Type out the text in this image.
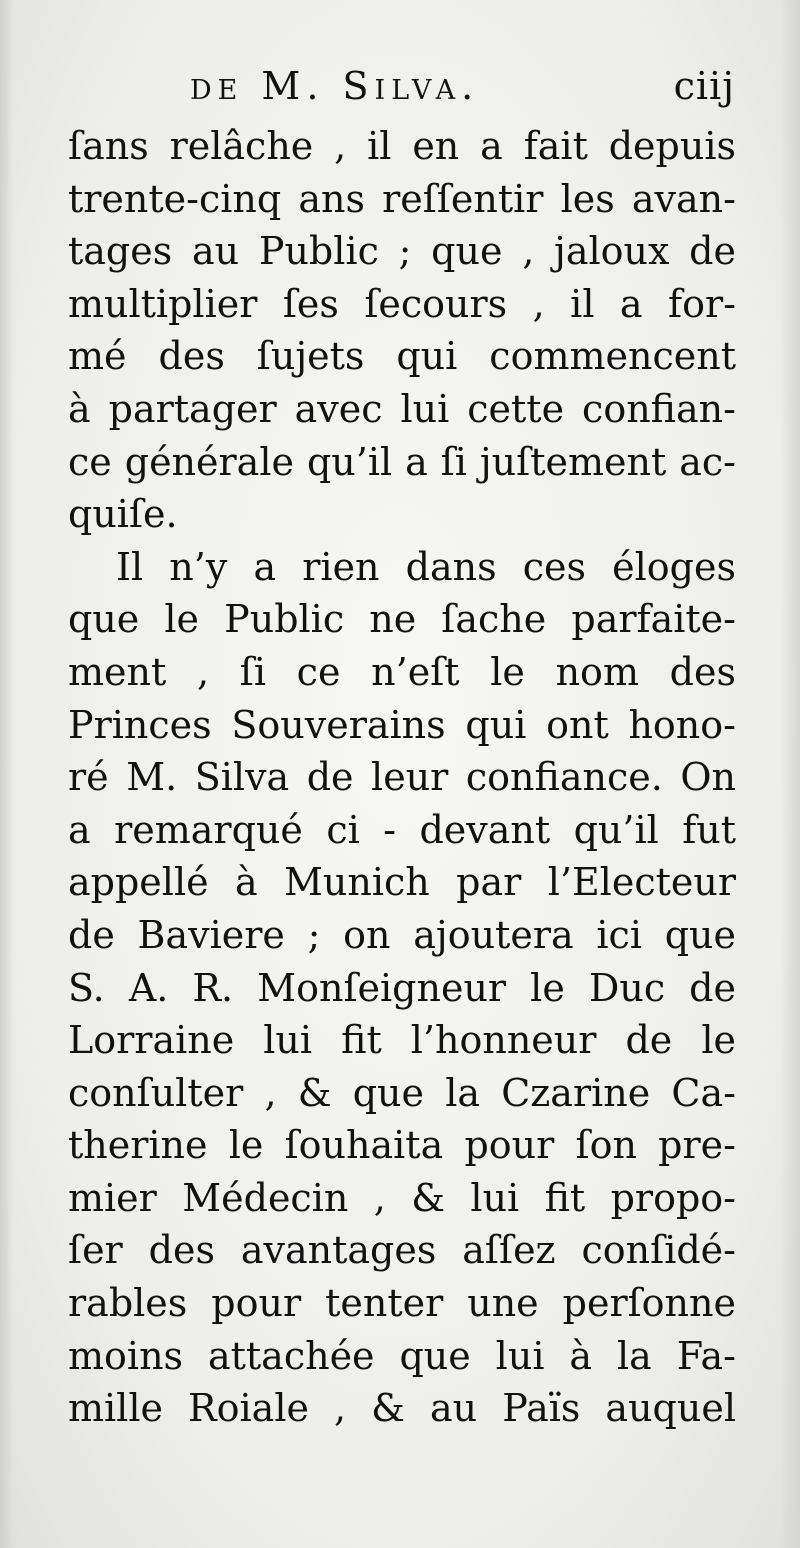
de M. Silva.	ciij
ſans relâche , il en a fait depuis
trente-cinq ans reſſentir les avan-
tages au Public ; que , jaloux de
multiplier ſes ſecours , il a for-
mé des ſujets qui commencent
à partager avec lui cette confian-
ce générale qu’il a ſi juſtement ac-
quiſe.
Il n’y a rien dans ces éloges
que le Public ne ſache parfaite-
ment , ſi ce n’eſt le nom des
Princes Souverains qui ont hono-
ré M. Silva de leur confiance. On
a remarqué ci - devant qu’il fut
appellé à Munich par l’Electeur
de Baviere ; on ajoutera ici que
S. A. R. Monſeigneur le Duc de
Lorraine lui fit l’honneur de le
conſulter , & que la Czarine Ca-
therine le ſouhaita pour ſon pre-
mier Médecin , & lui fit propo-
ſer des avantages aſſez conſidé-
rables pour tenter une perſonne
moins attachée que lui à la Fa-
mille Roiale , & au Païs auquel
